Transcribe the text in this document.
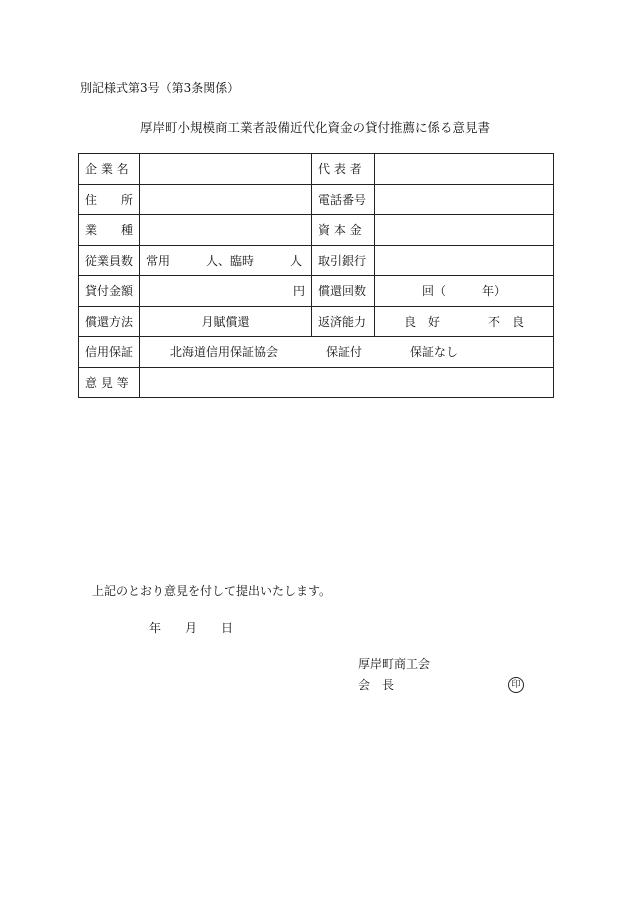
別記様式第3号（第3条関係）
厚岸町小規模商工業者設備近代化資金の貸付推薦に係る意見書
企 業 名		代 表 者	
住　　所		電話番号	
業　　種		資 本 金	
従業員数	常用　　　人、臨時　　　人	取引銀行	
貸付金額	円	償還回数	回（　　　年）
償還方法	月賦償還	返済能力	良　好　　　　不　良
信用保証	北海道信用保証協会　　　　保証付　　　　保証なし		
意 見 等			
上記のとおり意見を付して提出いたします。
年　　月　　日
厚岸町商工会
会　長	印
